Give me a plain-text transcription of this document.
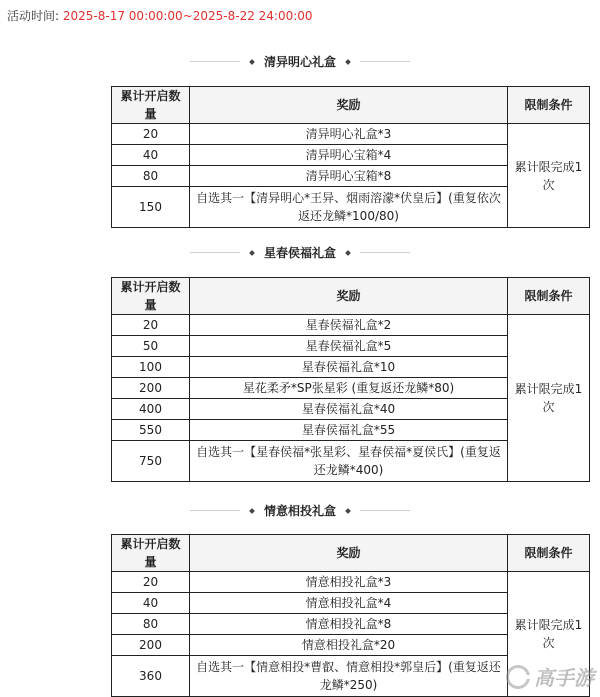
活动时间: 2025-8-17 00:00:00~2025-8-22 24:00:00
清异明心礼盒
累计开启数量	奖励	限制条件
20	清异明心礼盒*3	累计限完成1次
40	清异明心宝箱*4	
80	清异明心宝箱*8	
150	自选其一【清异明心*王异、烟雨溶濛*伏皇后】(重复依次返还龙鳞*100/80)	
星春侯福礼盒
累计开启数量	奖励	限制条件
20	星春侯福礼盒*2	累计限完成1次
50	星春侯福礼盒*5	
100	星春侯福礼盒*10	
200	星花柔矛*SP张星彩 (重复返还龙鳞*80)	
400	星春侯福礼盒*40	
550	星春侯福礼盒*55	
750	自选其一【星春侯福*张星彩、星春侯福*夏侯氏】(重复返还龙鳞*400)	
情意相投礼盒
累计开启数量	奖励	限制条件
20	情意相投礼盒*3	累计限完成1次
40	情意相投礼盒*4	
80	情意相投礼盒*8	
200	情意相投礼盒*20	
360	自选其一【情意相投*曹叡、情意相投*郭皇后】(重复返还龙鳞*250)		高手游
